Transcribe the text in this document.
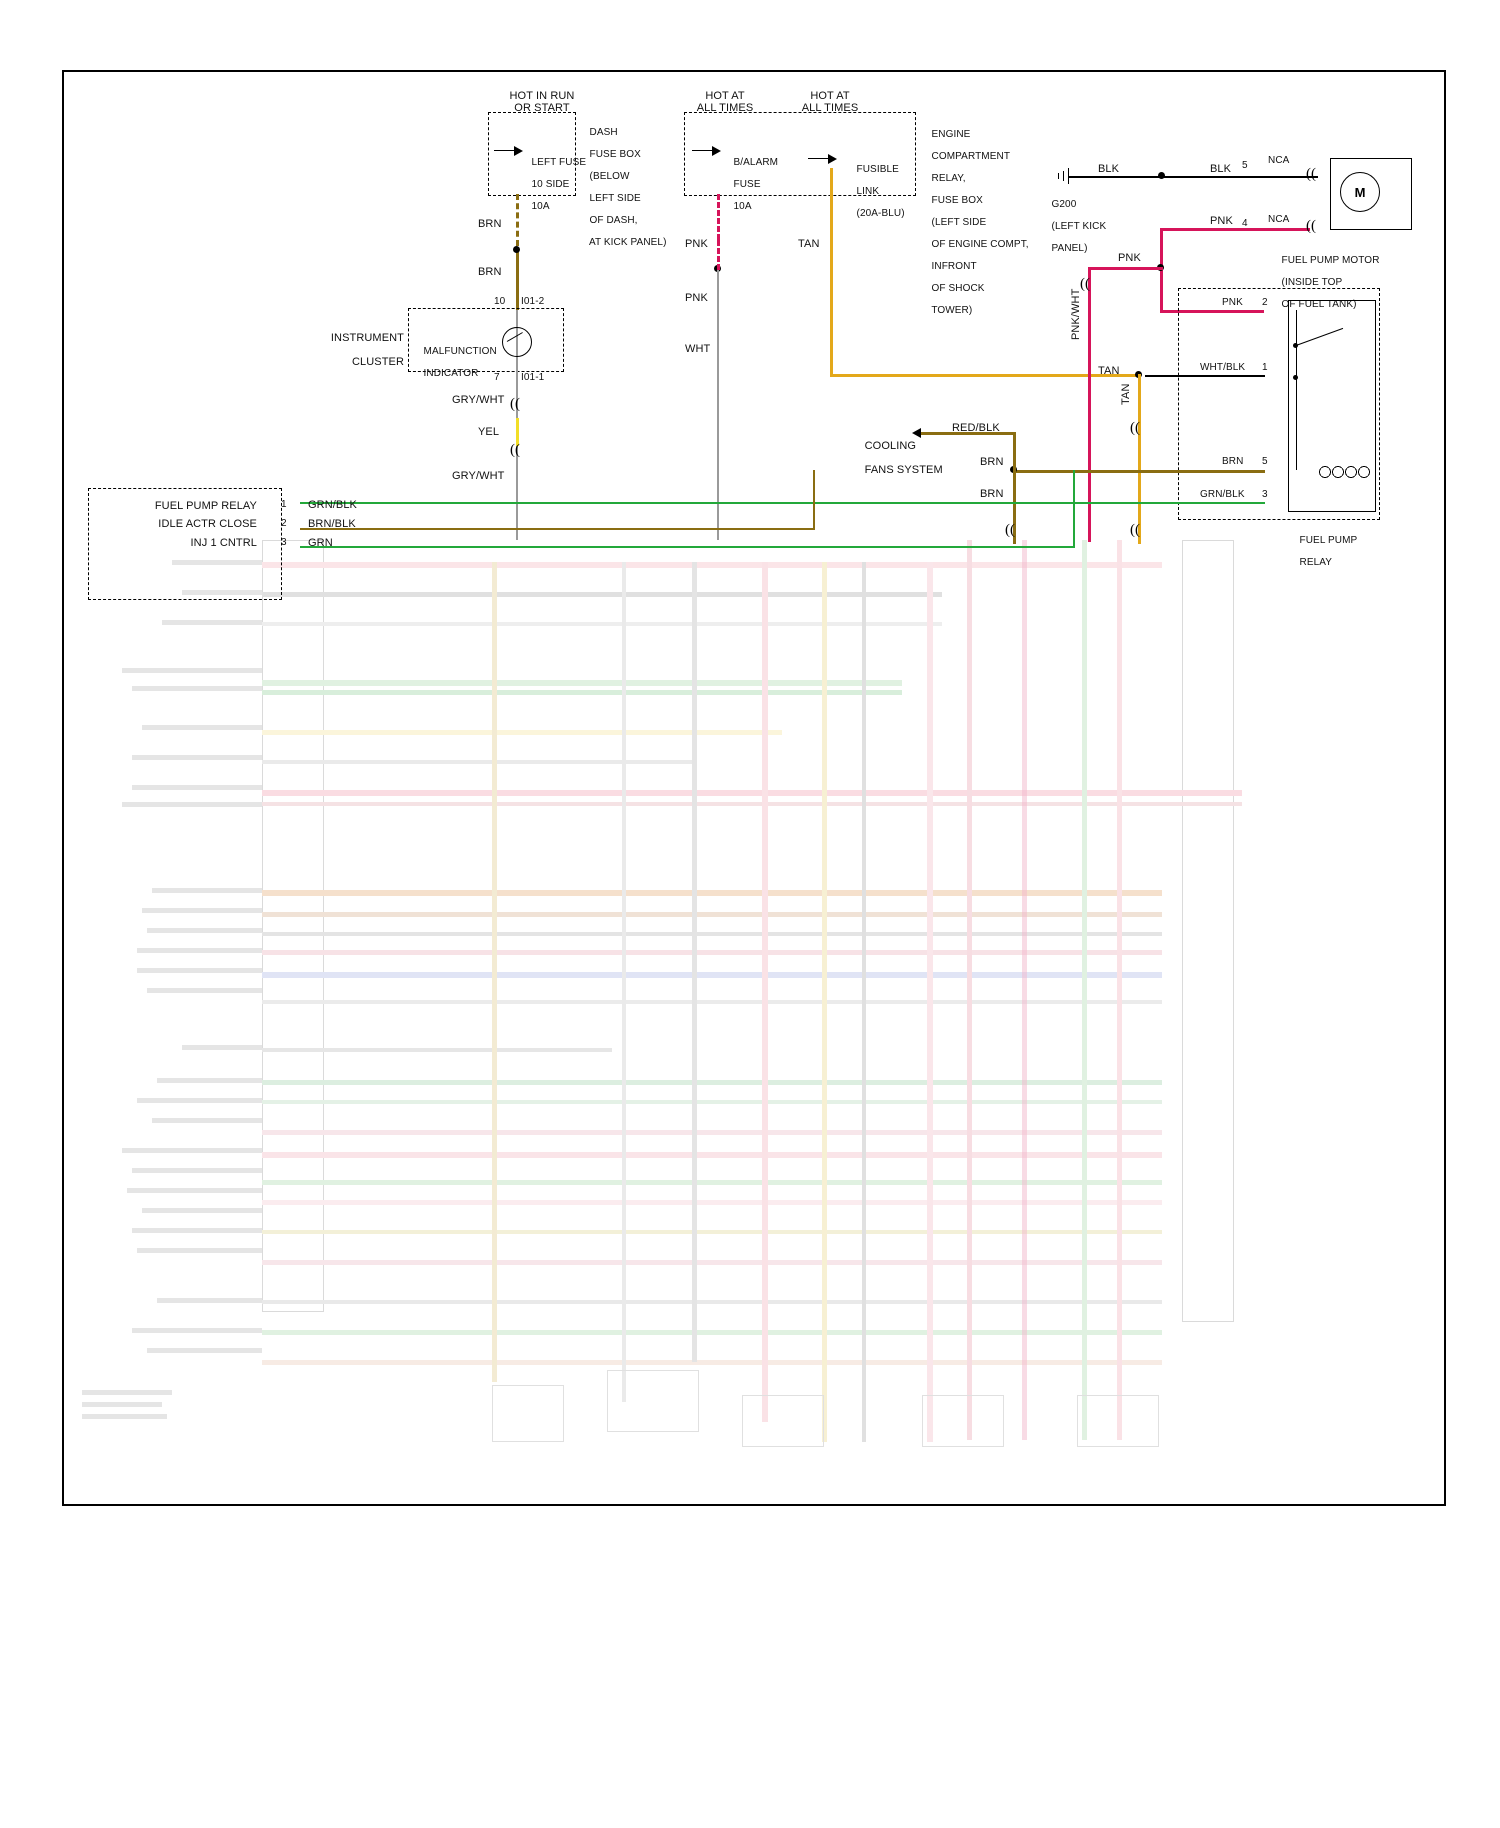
HOT IN RUN
OR START
HOT AT
ALL TIMES
HOT AT
ALL TIMES

DASH

FUSE BOX

(BELOW

LEFT SIDE

OF DASH,

AT KICK PANEL)

LEFT FUSE

10 SIDE

10A

B/ALARM

FUSE

10A

FUSIBLE

LINK

(20A-BLU)

ENGINE

COMPARTMENT

RELAY,

FUSE BOX

(LEFT SIDE

OF ENGINE COMPT,

INFRONT

OF SHOCK

TOWER)

BRN
BRN
PNK
PNK
WHT
TAN
TAN
TAN
((
BLK	BLK

G200

(LEFT KICK

PANEL)

((
M
5 NCA
4 NCA

FUEL PUMP MOTOR

(INSIDE TOP

OF FUEL TANK)

PNK	((
PNK
((
PNK/WHT	PNK 2

FUEL PUMP

RELAY

WHT/BLK 1
BRN 5
BRN
BRN
RED/BLK

COOLING

FANS SYSTEM

GRN/BLK 3

INSTRUMENT

CLUSTER

MALFUNCTION

INDICATOR

10 I01-2
7 I01-1
GRY/WHT ((
YEL
((
GRY/WHT
FUEL PUMP RELAY
IDLE ACTR CLOSE
INJ 1 CNTRL
1
2
3
GRN/BLK
BRN/BLK
GRN
((	((
